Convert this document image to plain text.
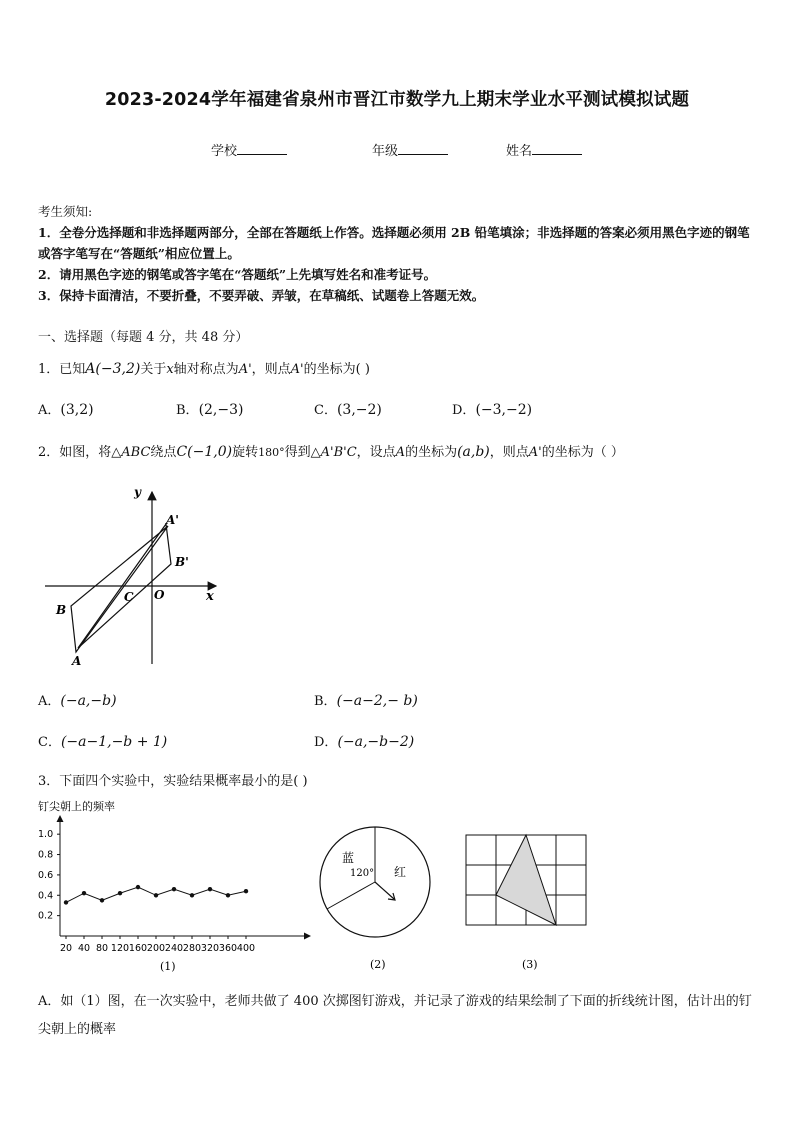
2023-2024学年福建省泉州市晋江市数学九上期末学业水平测试模拟试题
学校	年级	姓名
考生须知:
1．全卷分选择题和非选择题两部分，全部在答题纸上作答。选择题必须用 2B 铅笔填涂；非选择题的答案必须用黑色字迹的钢笔或答字笔写在“答题纸”相应位置上。
2．请用黑色字迹的钢笔或答字笔在“答题纸”上先填写姓名和准考证号。
3．保持卡面清洁，不要折叠，不要弄破、弄皱，在草稿纸、试题卷上答题无效。
一、选择题（每题 4 分，共 48 分）
1．已知A(−3,2)关于x轴对称点为A'，则点A'的坐标为( )
A．(3,2)	B．(2,−3)	C．(3,−2)	D．(−3,−2)
2．如图，将△ABC绕点C(−1,0)旋转180°得到△A'B'C，设点A的坐标为(a,b)，则点A'的坐标为（ ）
y
x
A'
B'
C O
B
A
A．(−a,−b)	B．(−a−2,− b)
C．(−a−1,−b + 1)	D．(−a,−b−2)
3．下面四个实验中，实验结果概率最小的是( )
钉尖朝上的频率
0.2
0.4
0.6
0.8
1.0
20 40 80 120 160 200 240 280 320 360 400
(1)
蓝
红
120°
(2)	(3)
A．如（1）图，在一次实验中，老师共做了 400 次掷图钉游戏，并记录了游戏的结果绘制了下面的折线统计图，估计出的钉尖朝上的概率
